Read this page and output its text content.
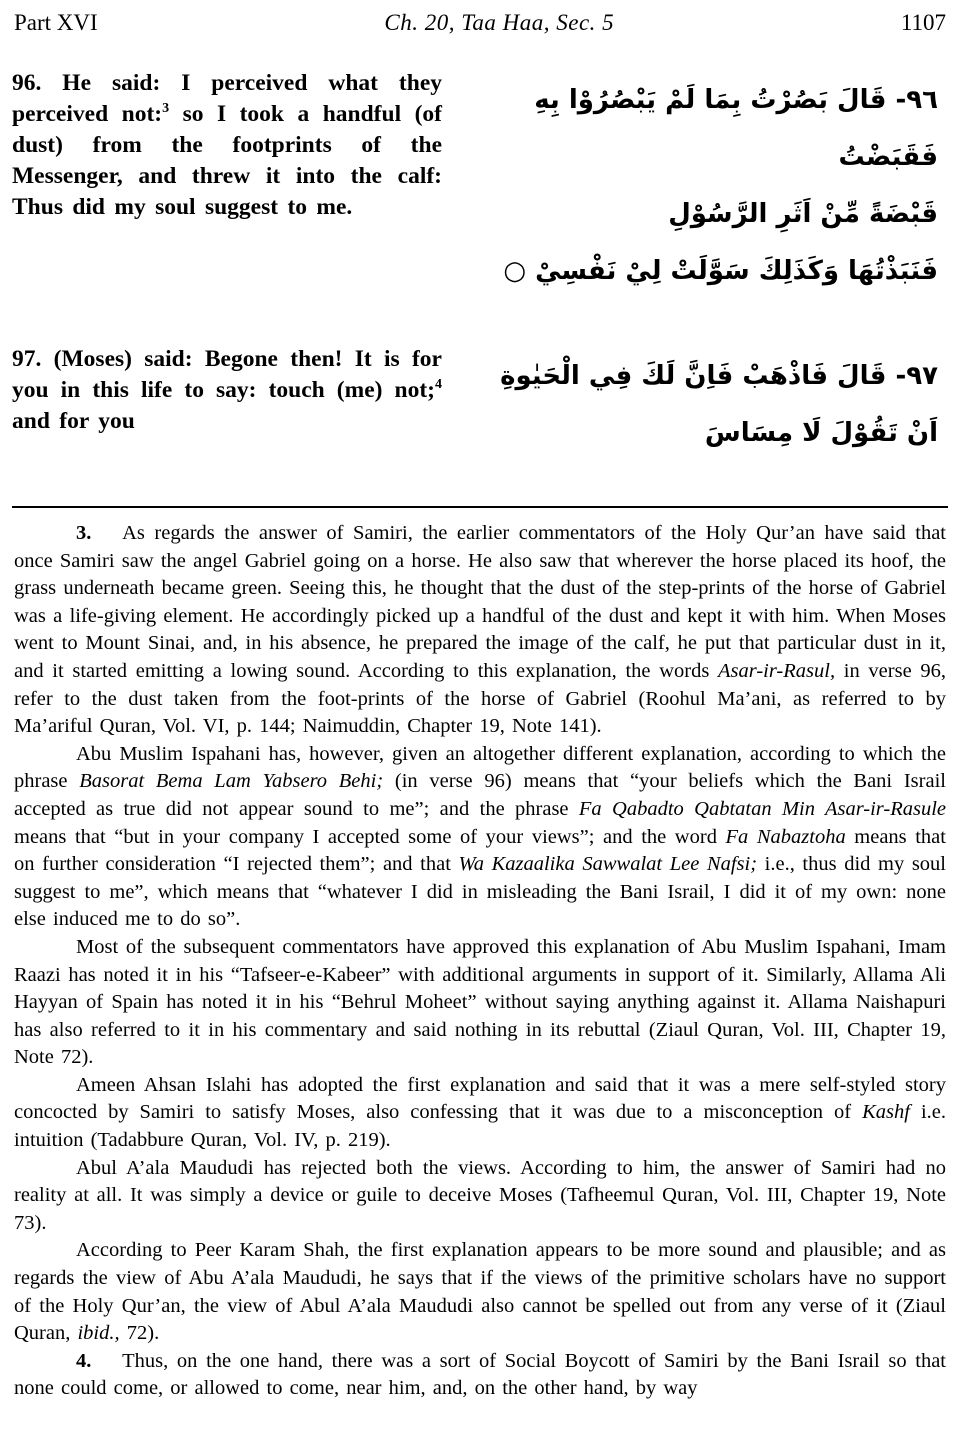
Part XVI	Ch. 20, Taa Haa, Sec. 5	1107
96. He said: I perceived what they perceived not:$^3$ so I took a handful (of dust) from the footprints of the Messenger, and threw it into the calf: Thus did my soul suggest to me.
٩٦- قَالَ بَصُرْتُ بِمَا لَمْ يَبْصُرُوْا بِهِ فَقَبَضْتُ
قَبْضَةً مِّنْ اَثَرِ الرَّسُوْلِ
فَنَبَذْتُهَا وَكَذَلِكَ سَوَّلَتْ لِيْ نَفْسِيْ ○
97. (Moses) said: Begone then! It is for you in this life to say: touch (me) not;$^4$ and for you
٩٧- قَالَ فَاذْهَبْ فَاِنَّ لَكَ فِي الْحَيٰوةِ
اَنْ تَقُوْلَ لَا مِسَاسَ

3.  As regards the answer of Samiri, the earlier commentators of the Holy Qur’an have said that once Samiri saw the angel Gabriel going on a horse. He also saw that wherever the horse placed its hoof, the grass underneath became green. Seeing this, he thought that the dust of the step-prints of the horse of Gabriel was a life-giving element. He accordingly picked up a handful of the dust and kept it with him. When Moses went to Mount Sinai, and, in his absence, he prepared the image of the calf, he put that particular dust in it, and it started emitting a lowing sound. According to this explanation, the words Asar-ir-Rasul, in verse 96, refer to the dust taken from the foot-prints of the horse of Gabriel (Roohul Ma’ani, as referred to by Ma’ariful Quran, Vol. VI, p. 144; Naimuddin, Chapter 19, Note 141).

Abu Muslim Ispahani has, however, given an altogether different explanation, according to which the phrase Basorat Bema Lam Yabsero Behi; (in verse 96) means that “your beliefs which the Bani Israil accepted as true did not appear sound to me”; and the phrase Fa Qabadto Qabtatan Min Asar-ir-Rasule means that “but in your company I accepted some of your views”; and the word Fa Nabaztoha means that on further consideration “I rejected them”; and that Wa Kazaalika Sawwalat Lee Nafsi; i.e., thus did my soul suggest to me”, which means that “whatever I did in misleading the Bani Israil, I did it of my own: none else induced me to do so”.

Most of the subsequent commentators have approved this explanation of Abu Muslim Ispahani, Imam Raazi has noted it in his “Tafseer-e-Kabeer” with additional arguments in support of it. Similarly, Allama Ali Hayyan of Spain has noted it in his “Behrul Moheet” without saying anything against it. Allama Naishapuri has also referred to it in his commentary and said nothing in its rebuttal (Ziaul Quran, Vol. III, Chapter 19, Note 72).

Ameen Ahsan Islahi has adopted the first explanation and said that it was a mere self-styled story concocted by Samiri to satisfy Moses, also confessing that it was due to a misconception of Kashf i.e. intuition (Tadabbure Quran, Vol. IV, p. 219).

Abul A’ala Maududi has rejected both the views. According to him, the answer of Samiri had no reality at all. It was simply a device or guile to deceive Moses (Tafheemul Quran, Vol. III, Chapter 19, Note 73).

According to Peer Karam Shah, the first explanation appears to be more sound and plausible; and as regards the view of Abu A’ala Maududi, he says that if the views of the primitive scholars have no support of the Holy Qur’an, the view of Abul A’ala Maududi also cannot be spelled out from any verse of it (Ziaul Quran, ibid., 72).

4.  Thus, on the one hand, there was a sort of Social Boycott of Samiri by the Bani Israil so that none could come, or allowed to come, near him, and, on the other hand, by way
